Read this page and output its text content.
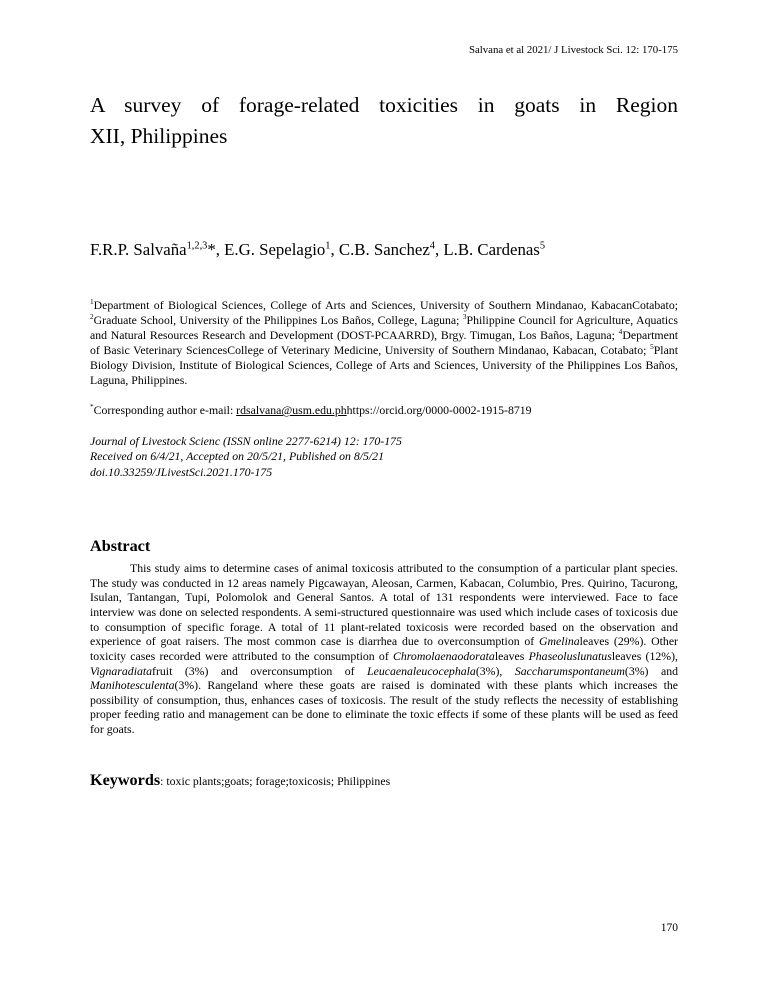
Salvana et al 2021/ J Livestock Sci. 12: 170-175
A survey of forage-related toxicities in goats in Region
XII, Philippines
F.R.P. Salvaña$^{1,2,3}$*, E.G. Sepelagio$^1$, C.B. Sanchez$^4$, L.B. Cardenas$^5$

$^1$Department of Biological Sciences, College of Arts and Sciences, University of Southern Mindanao, KabacanCotabato; $^2$Graduate School, University of the Philippines Los Baños, College, Laguna; $^3$Philippine Council for Agriculture, Aquatics and Natural Resources Research and Development (DOST-PCAARRD), Brgy. Timugan, Los Baños, Laguna; $^4$Department of Basic Veterinary SciencesCollege of Veterinary Medicine, University of Southern Mindanao, Kabacan, Cotabato; $^5$Plant Biology Division, Institute of Biological Sciences, College of Arts and Sciences, University of the Philippines Los Baños, Laguna, Philippines.

*Corresponding author e-mail: rdsalvana@usm.edu.phhttps://orcid.org/0000-0002-1915-8719

Journal of Livestock Scienc (ISSN online 2277-6214) 12: 170-175
Received on 6/4/21, Accepted on 20/5/21, Published on 8/5/21
doi.10.33259/JLivestSci.2021.170-175
Abstract

This study aims to determine cases of animal toxicosis attributed to the consumption of a particular plant species. The study was conducted in 12 areas namely Pigcawayan, Aleosan, Carmen, Kabacan, Columbio, Pres. Quirino, Tacurong, Isulan, Tantangan, Tupi, Polomolok and General Santos. A total of 131 respondents were interviewed. Face to face interview was done on selected respondents. A semi-structured questionnaire was used which include cases of toxicosis due to consumption of specific forage. A total of 11 plant-related toxicosis were recorded based on the observation and experience of goat raisers. The most common case is diarrhea due to overconsumption of Gmelinaleaves (29%). Other toxicity cases recorded were attributed to the consumption of Chromolaenaodorataleaves Phaseoluslunatusleaves (12%), Vignaradiatafruit (3%) and overconsumption of Leucaenaleucocephala(3%), Saccharumspontaneum(3%) and Manihotesculenta(3%). Rangeland where these goats are raised is dominated with these plants which increases the possibility of consumption, thus, enhances cases of toxicosis. The result of the study reflects the necessity of establishing proper feeding ratio and management can be done to eliminate the toxic effects if some of these plants will be used as feed for goats.

Keywords: toxic plants;goats; forage;toxicosis; Philippines

170
